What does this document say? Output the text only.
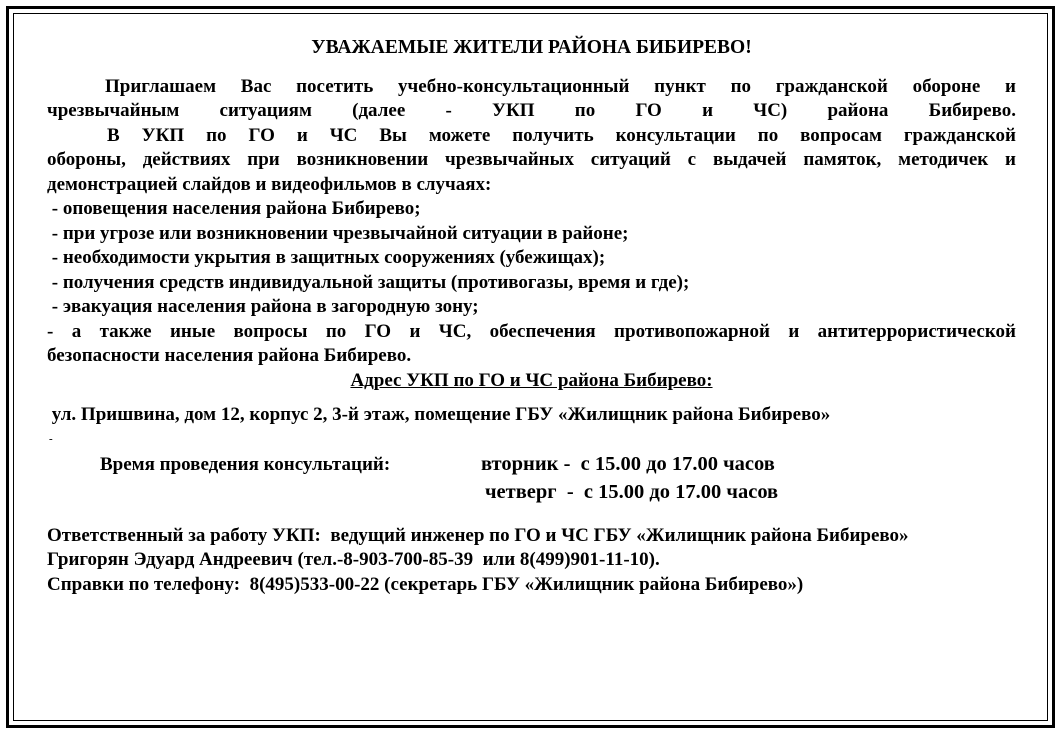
УВАЖАЕМЫЕ ЖИТЕЛИ РАЙОНА БИБИРЕВО!

Приглашаем Вас посетить учебно-консультационный пункт по гражданской обороне и

чрезвычайным ситуациям (далее - УКП по ГО и ЧС) района Бибирево.

В УКП по ГО и ЧС Вы можете получить консультации по вопросам гражданской

обороны, действиях при возникновении чрезвычайных ситуаций с выдачей памяток, методичек и

демонстрацией слайдов и видеофильмов в случаях:

- оповещения населения района Бибирево;

- при угрозе или возникновении чрезвычайной ситуации в районе;

- необходимости укрытия в защитных сооружениях (убежищах);

- получения средств индивидуальной защиты (противогазы, время и где);

- эвакуация населения района в загородную зону;

- а также иные вопросы по ГО и ЧС, обеспечения противопожарной и антитеррористической

безопасности населения района Бибирево.

Адрес УКП по ГО и ЧС района Бибирево:

ул. Пришвина, дом 12, корпус 2, 3-й этаж, помещение ГБУ «Жилищник района Бибирево»

-

Время проведения консультаций:	вторник -  с 15.00 до 17.00 часов
четверг  -  с 15.00 до 17.00 часов

Ответственный за работу УКП:  ведущий инженер по ГО и ЧС ГБУ «Жилищник района Бибирево»

Григорян Эдуард Андреевич (тел.-8-903-700-85-39  или 8(499)901-11-10).

Справки по телефону:  8(495)533-00-22 (секретарь ГБУ «Жилищник района Бибирево»)
